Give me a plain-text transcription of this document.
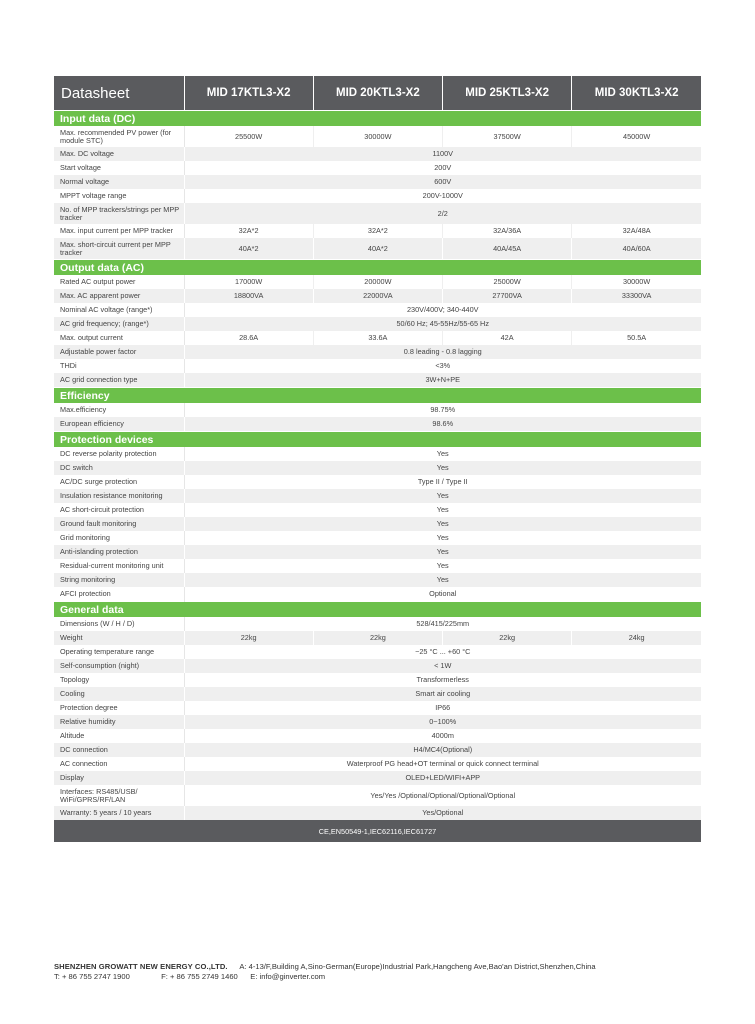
Datasheet	MID 17KTL3-X2	MID 20KTL3-X2	MID 25KTL3-X2	MID 30KTL3-X2
Input data (DC)				
Max. recommended PV power (for module STC)	25500W	30000W	37500W	45000W
Max. DC voltage	1100V			
Start voltage	200V			
Normal voltage	600V			
MPPT voltage range	200V-1000V			
No. of MPP trackers/strings per MPP tracker	2/2			
Max. input current per MPP tracker	32A*2	32A*2	32A/36A	32A/48A
Max. short-circuit current per MPP tracker	40A*2	40A*2	40A/45A	40A/60A
Output data (AC)				
Rated AC output power	17000W	20000W	25000W	30000W
Max. AC apparent power	18800VA	22000VA	27700VA	33300VA
Nominal AC voltage (range*)	230V/400V; 340-440V			
AC grid frequency; (range*)	50/60 Hz; 45-55Hz/55-65 Hz			
Max. output current	28.6A	33.6A	42A	50.5A
Adjustable power factor	0.8 leading - 0.8 lagging			
THDi	<3%			
AC grid connection type	3W+N+PE			
Efficiency				
Max.efficiency	98.75%			
European efficiency	98.6%			
Protection devices				
DC reverse polarity protection	Yes			
DC switch	Yes			
AC/DC surge protection	Type II / Type II			
Insulation resistance monitoring	Yes			
AC short-circuit protection	Yes			
Ground fault monitoring	Yes			
Grid monitoring	Yes			
Anti-islanding protection	Yes			
Residual-current monitoring unit	Yes			
String monitoring	Yes			
AFCI protection	Optional			
General data				
Dimensions (W / H / D)	528/415/225mm			
Weight	22kg	22kg	22kg	24kg
Operating temperature range	−25 °C ... +60 °C			
Self-consumption (night)	< 1W			
Topology	Transformerless			
Cooling	Smart air cooling			
Protection degree	IP66			
Relative humidity	0~100%			
Altitude	4000m			
DC connection	H4/MC4(Optional)			
AC connection	Waterproof PG head+OT terminal or quick connect terminal			
Display	OLED+LED/WIFI+APP			
Interfaces: RS485/USB/ WiFi/GPRS/RF/LAN	Yes/Yes /Optional/Optional/Optional/Optional			
Warranty: 5 years / 10 years	Yes/Optional			
CE,EN50549-1,IEC62116,IEC61727				
SHENZHEN GROWATT NEW ENERGY CO.,LTD. A: 4-13/F,Building A,Sino-German(Europe)Industrial Park,Hangcheng Ave,Bao'an District,Shenzhen,China
T: + 86 755 2747 1900	F: + 86 755 2749 1460 E: info@ginverter.com
